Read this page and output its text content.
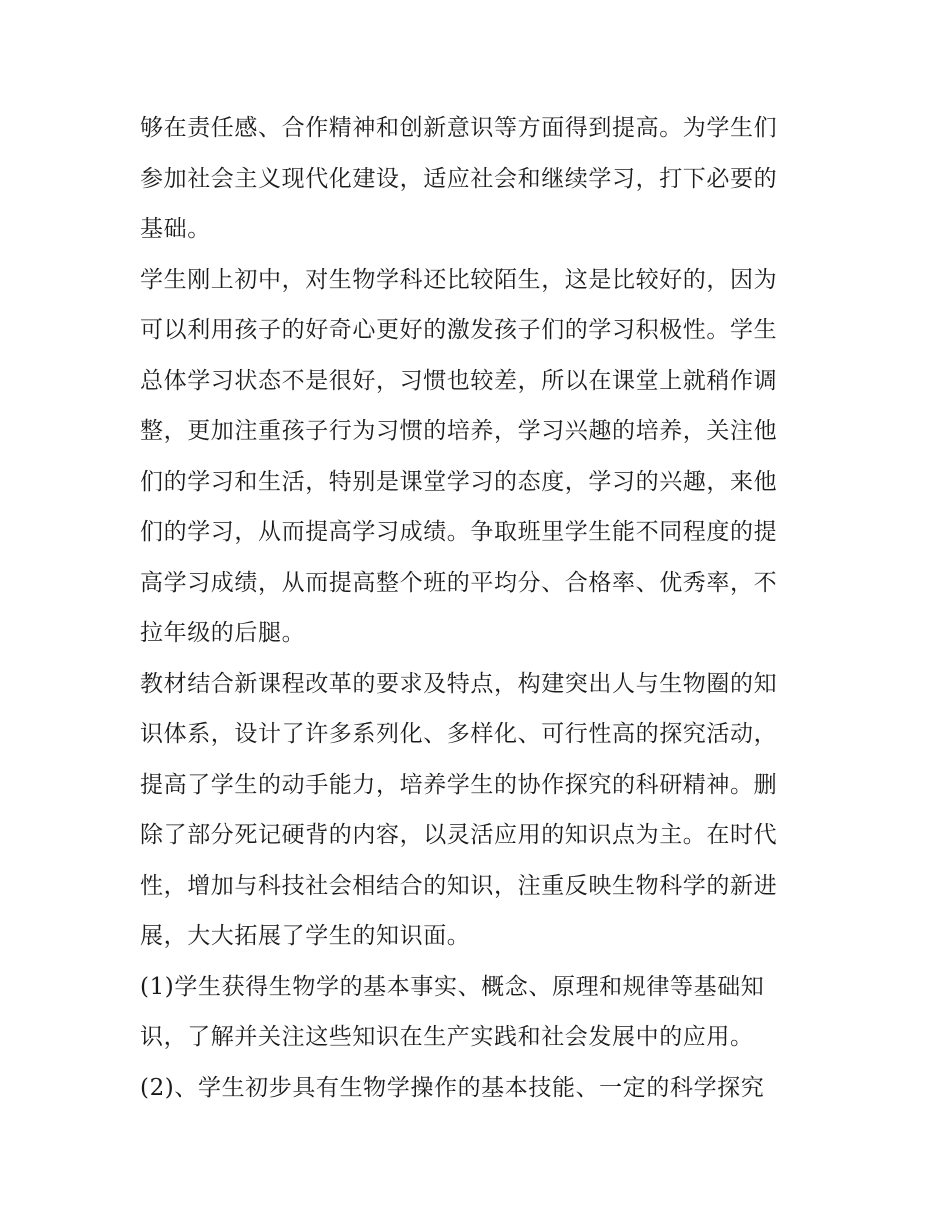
够在责任感、合作精神和创新意识等方面得到提高。为学生们
参加社会主义现代化建设，适应社会和继续学习，打下必要的
基础。
学生刚上初中，对生物学科还比较陌生，这是比较好的，因为
可以利用孩子的好奇心更好的激发孩子们的学习积极性。学生
总体学习状态不是很好，习惯也较差，所以在课堂上就稍作调
整，更加注重孩子行为习惯的培养，学习兴趣的培养，关注他
们的学习和生活，特别是课堂学习的态度，学习的兴趣，来他
们的学习，从而提高学习成绩。争取班里学生能不同程度的提
高学习成绩，从而提高整个班的平均分、合格率、优秀率，不
拉年级的后腿。
教材结合新课程改革的要求及特点，构建突出人与生物圈的知
识体系，设计了许多系列化、多样化、可行性高的探究活动，
提高了学生的动手能力，培养学生的协作探究的科研精神。删
除了部分死记硬背的内容，以灵活应用的知识点为主。在时代
性，增加与科技社会相结合的知识，注重反映生物科学的新进
展，大大拓展了学生的知识面。
(1)学生获得生物学的基本事实、概念、原理和规律等基础知
识，了解并关注这些知识在生产实践和社会发展中的应用。
(2)、学生初步具有生物学操作的基本技能、一定的科学探究
